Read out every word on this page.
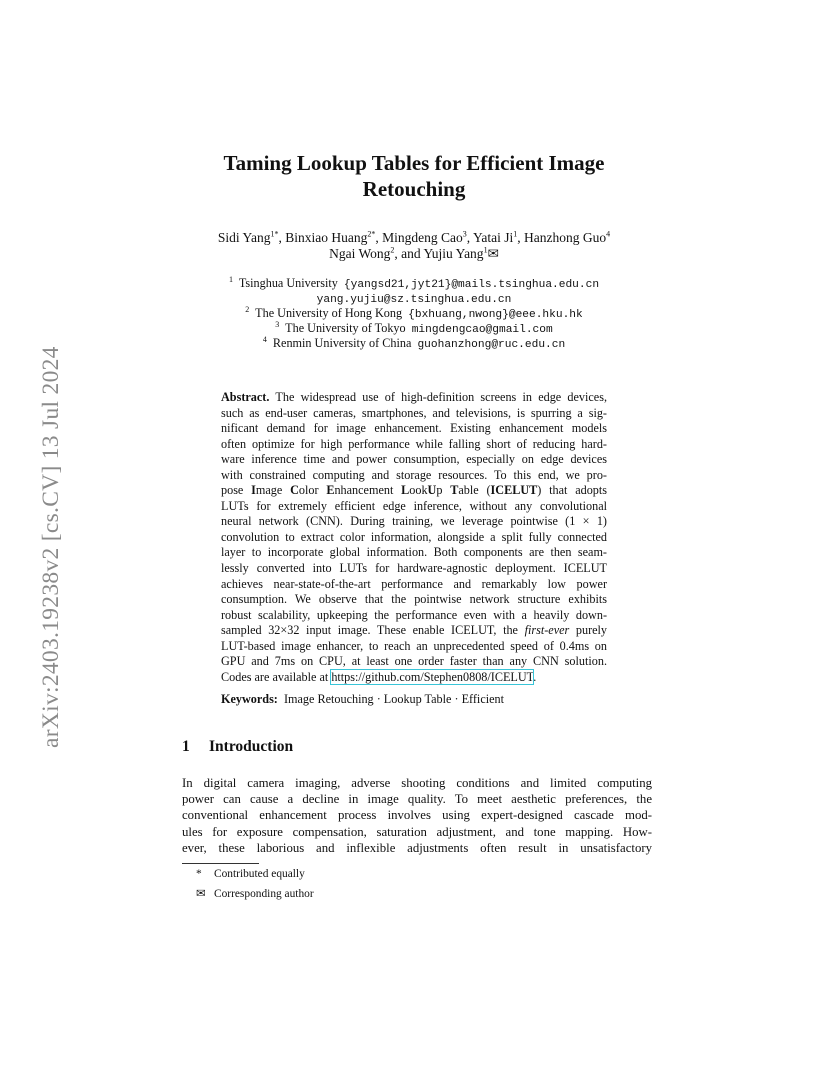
arXiv:2403.19238v2 [cs.CV] 13 Jul 2024
Taming Lookup Tables for Efficient Image
Retouching
Sidi Yang$^{1*}$, Binxiao Huang$^{2*}$, Mingdeng Cao$^3$, Yatai Ji$^1$, Hanzhong Guo$^4$
Ngai Wong$^2$, and Yujiu Yang$^1$✉
$^1$ Tsinghua University {yangsd21,jyt21}@mails.tsinghua.edu.cn
yang.yujiu@sz.tsinghua.edu.cn
$^2$ The University of Hong Kong {bxhuang,nwong}@eee.hku.hk
$^3$ The University of Tokyo mingdengcao@gmail.com
$^4$ Renmin University of China guohanzhong@ruc.edu.cn
Abstract. The widespread use of high-definition screens in edge devices,
such as end-user cameras, smartphones, and televisions, is spurring a sig-
nificant demand for image enhancement. Existing enhancement models
often optimize for high performance while falling short of reducing hard-
ware inference time and power consumption, especially on edge devices
with constrained computing and storage resources. To this end, we pro-
pose Image Color Enhancement LookUp Table (ICELUT) that adopts
LUTs for extremely efficient edge inference, without any convolutional
neural network (CNN). During training, we leverage pointwise (1 × 1)
convolution to extract color information, alongside a split fully connected
layer to incorporate global information. Both components are then seam-
lessly converted into LUTs for hardware-agnostic deployment. ICELUT
achieves near-state-of-the-art performance and remarkably low power
consumption. We observe that the pointwise network structure exhibits
robust scalability, upkeeping the performance even with a heavily down-
sampled 32×32 input image. These enable ICELUT, the first-ever purely
LUT-based image enhancer, to reach an unprecedented speed of 0.4ms on
GPU and 7ms on CPU, at least one order faster than any CNN solution.
Codes are available at https://github.com/Stephen0808/ICELUT.
Keywords: Image Retouching · Lookup Table · Efficient
1 Introduction
In digital camera imaging, adverse shooting conditions and limited computing
power can cause a decline in image quality. To meet aesthetic preferences, the
conventional enhancement process involves using expert-designed cascade mod-
ules for exposure compensation, saturation adjustment, and tone mapping. How-
ever, these laborious and inflexible adjustments often result in unsatisfactory
* Contributed equally
✉ Corresponding author
